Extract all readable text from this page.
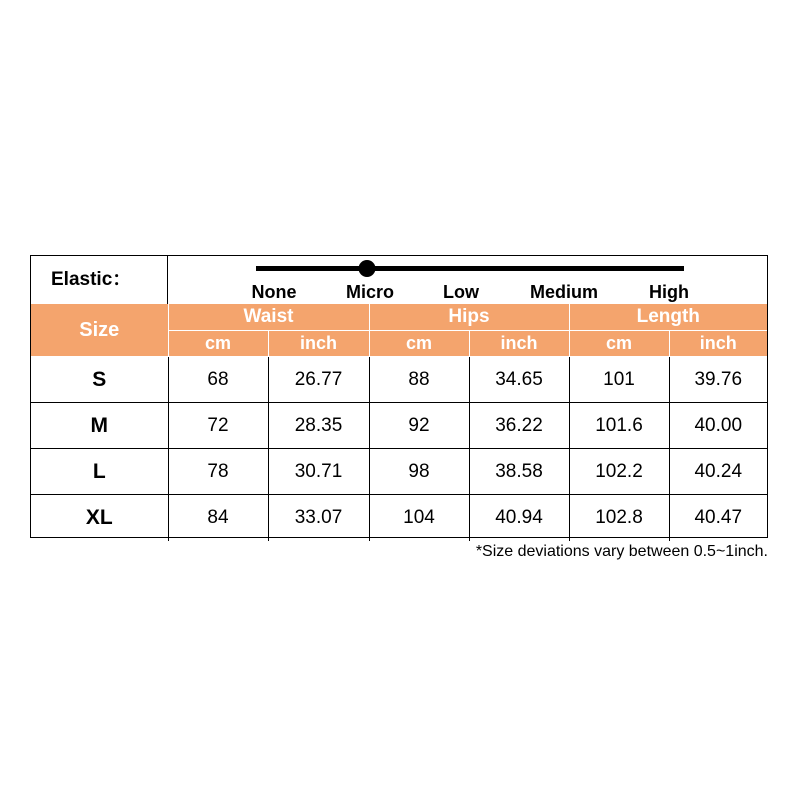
Elastic：
None	Micro	Low	Medium	High
Size	Waist		Hips		Length	
	cm	inch	cm	inch	cm	inch
S	68	26.77	88	34.65	101	39.76
M	72	28.35	92	36.22	101.6	40.00
L	78	30.71	98	38.58	102.2	40.24
XL	84	33.07	104	40.94	102.8	40.47
*Size deviations vary between 0.5~1inch.
